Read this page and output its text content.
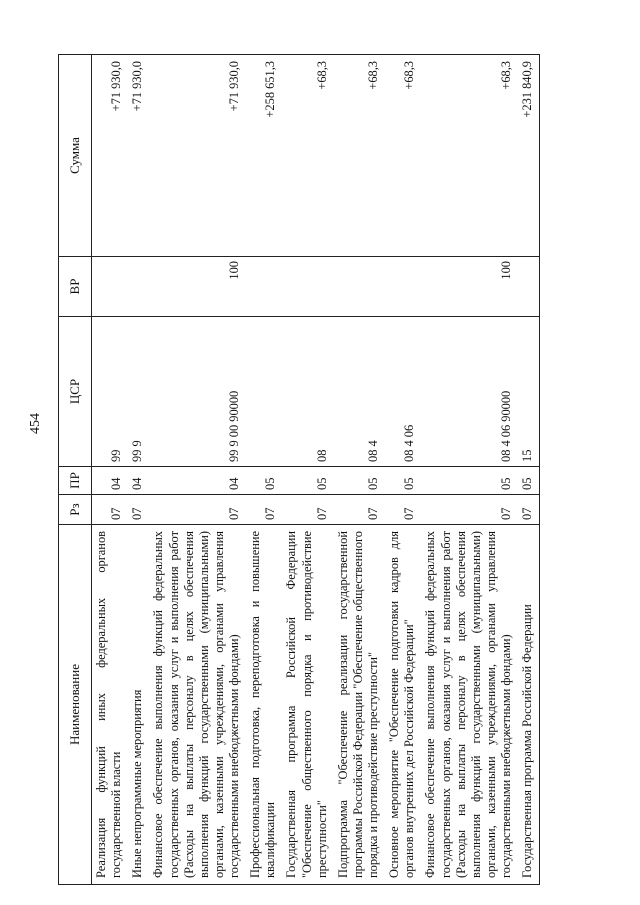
454
Наименование	Рз	ПР	ЦСР	ВР	Сумма
Реализация функций иных федеральных органов государственной власти	07	04	99		+71 930,0
Иные непрограммные мероприятия	07	04	99 9		+71 930,0
Финансовое обеспечение выполнения функций федеральных государственных органов, оказания услуг и выполнения работ (Расходы на выплаты персоналу в целях обеспечения выполнения функций государственными (муниципальными) органами, казенными учреждениями, органами управления государственными внебюджетными фондами)	07	04	99 9 00 90000	100	+71 930,0
Профессиональная подготовка, переподготовка и повышение квалификации	07	05			+258 651,3
Государственная программа Российской Федерации "Обеспечение общественного порядка и противодействие преступности"	07	05	08		+68,3
Подпрограмма "Обеспечение реализации государственной программы Российской Федерации "Обеспечение общественного порядка и противодействие преступности"	07	05	08 4		+68,3
Основное мероприятие "Обеспечение подготовки кадров для органов внутренних дел Российской Федерации"	07	05	08 4 06		+68,3
Финансовое обеспечение выполнения функций федеральных государственных органов, оказания услуг и выполнения работ (Расходы на выплаты персоналу в целях обеспечения выполнения функций государственными (муниципальными) органами, казенными учреждениями, органами управления государственными внебюджетными фондами)	07	05	08 4 06 90000	100	+68,3
Государственная программа Российской Федерации	07	05	15		+231 840,9
